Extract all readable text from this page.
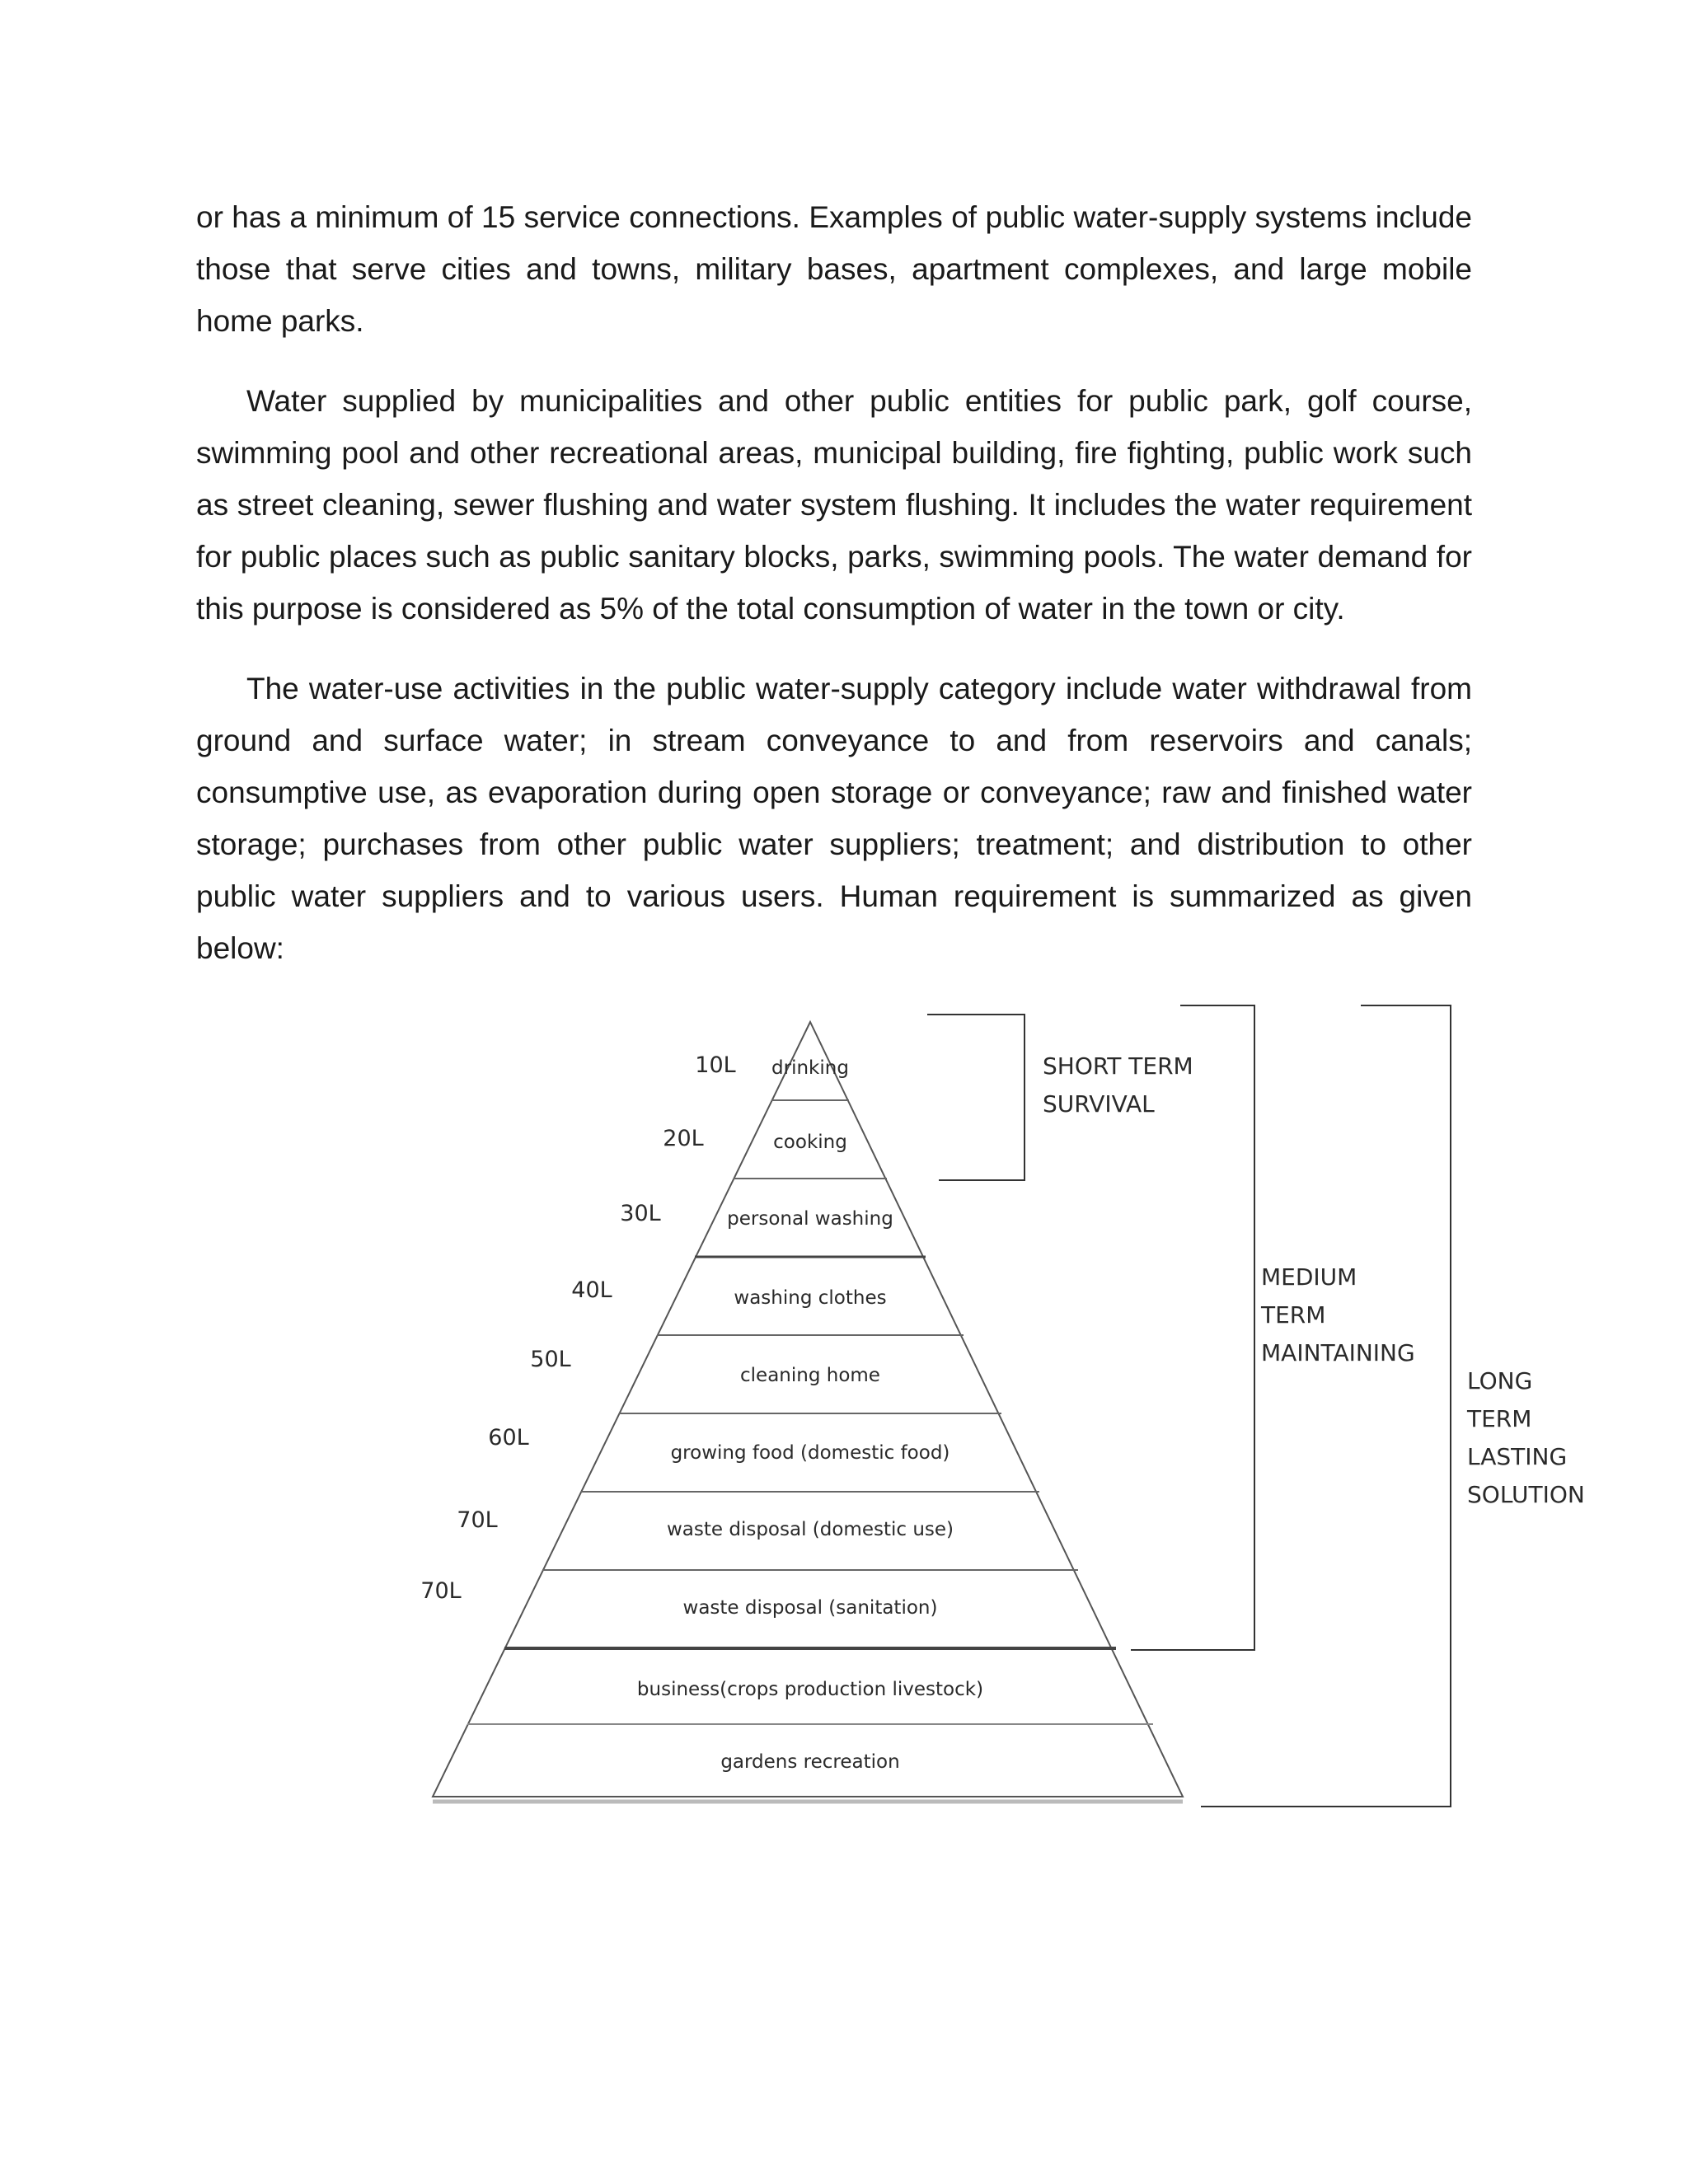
or has a minimum of 15 service connections. Examples of public water-supply systems include those that serve cities and towns, military bases, apartment complexes, and large mobile home parks.

Water supplied by municipalities and other public entities for public park, golf course, swimming pool and other recreational areas, municipal building, fire fighting, public work such as street cleaning, sewer flushing and water system flushing. It includes the water requirement for public places such as public sanitary blocks, parks, swimming pools. The water demand for this purpose is considered as 5% of the total consumption of water in the town or city.

The water-use activities in the public water-supply category include water withdrawal from ground and surface water; in stream conveyance to and from reservoirs and canals; consumptive use, as evaporation during open storage or conveyance; raw and finished water storage; purchases from other public water suppliers; treatment; and distribution to other public water suppliers and to various users. Human requirement is summarized as given below:

drinking
cooking
personal washing
washing clothes
cleaning home
growing food (domestic food)
waste disposal (domestic use)
waste disposal (sanitation)
business(crops production livestock)
gardens recreation
10L
20L
30L
40L
50L
60L
70L
70L
SHORT TERM
SURVIVAL
MEDIUM
TERM
MAINTAINING
LONG
TERM
LASTING
SOLUTION
